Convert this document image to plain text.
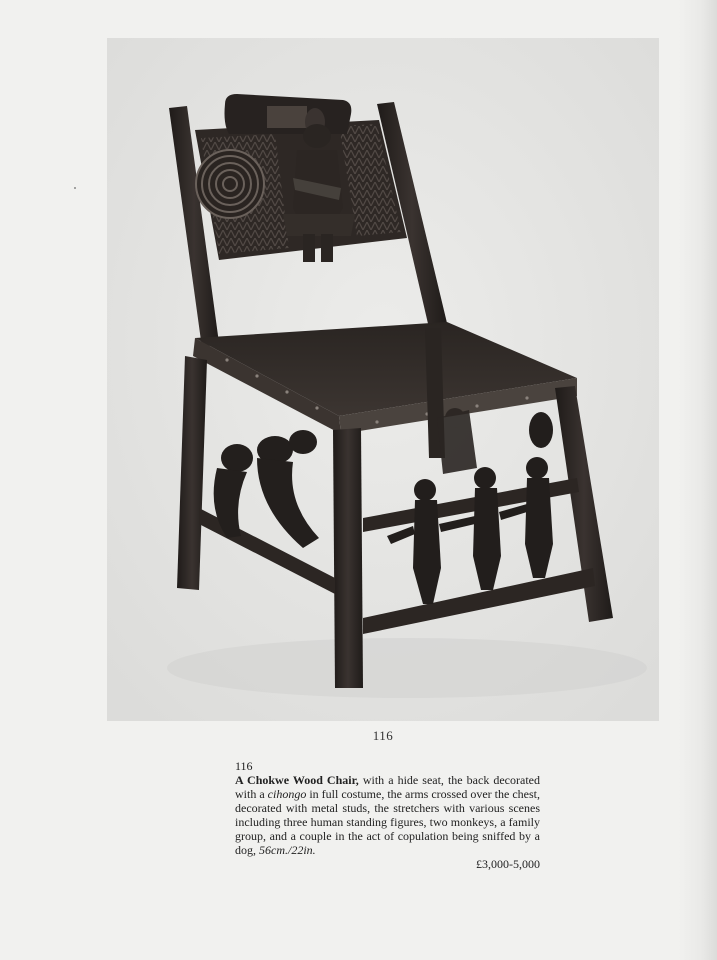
116
116
A Chokwe Wood Chair, with a hide seat, the back decorated with a cihongo in full costume, the arms crossed over the chest, decorated with metal studs, the stretchers with various scenes including three human standing figures, two monkeys, a family group, and a couple in the act of copulation being sniffed by a dog, 56cm./22in.
£3,000-5,000
